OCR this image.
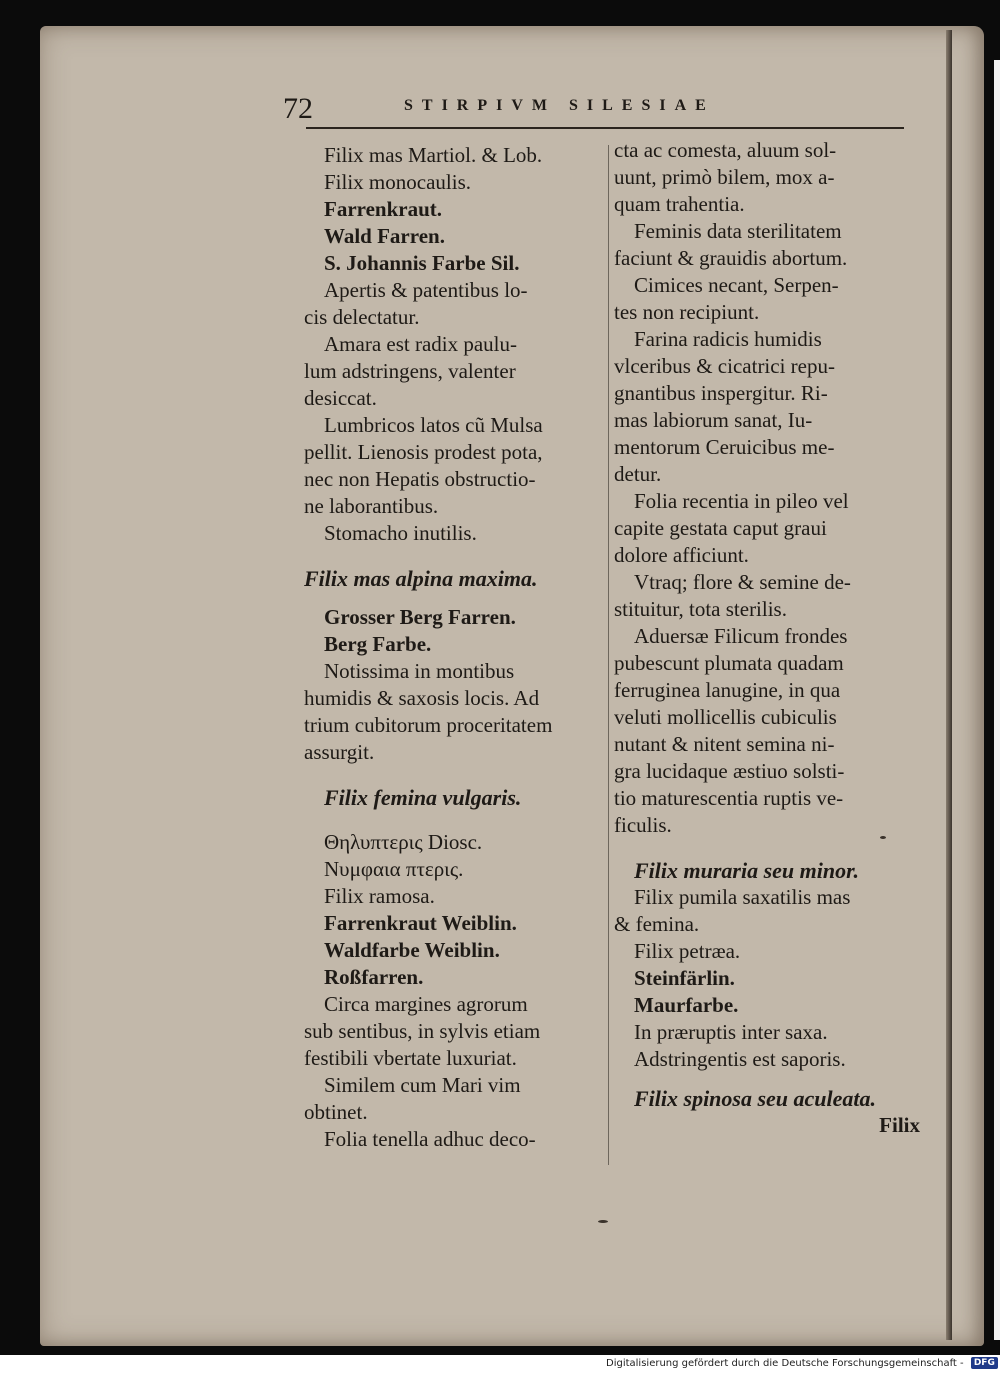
72	STIRPIVM SILESIAE
Filix mas Martiol. & Lob.
Filix monocaulis.
Farrenkraut.
Wald Farren.
S. Johannis Farbe Sil.
Apertis & patentibus lo-
cis delectatur.
Amara est radix paulu-
lum adstringens, valenter
desiccat.
Lumbricos latos cũ Mulsa
pellit. Lienosis prodest pota,
nec non Hepatis obstructio-
ne laborantibus.
Stomacho inutilis.
Filix mas alpina maxima.
Grosser Berg Farren.
Berg Farbe.
Notissima in montibus
humidis & saxosis locis. Ad
trium cubitorum proceritatem
assurgit.
Filix femina vulgaris.
Θηλυπτερις Diosc.
Νυμφαια πτερις.
Filix ramosa.
Farrenkraut Weiblin.
Waldfarbe Weiblin.
Roßfarren.
Circa margines agrorum
sub sentibus, in sylvis etiam
festibili vbertate luxuriat.
Similem cum Mari vim
obtinet.
Folia tenella adhuc deco-
cta ac comesta, aluum sol-
uunt, primò bilem, mox a-
quam trahentia.
Feminis data sterilitatem
faciunt & grauidis abortum.
Cimices necant, Serpen-
tes non recipiunt.
Farina radicis humidis
vlceribus & cicatrici repu-
gnantibus inspergitur. Ri-
mas labiorum sanat, Iu-
mentorum Ceruicibus me-
detur.
Folia recentia in pileo vel
capite gestata caput graui
dolore afficiunt.
Vtraq; flore & semine de-
stituitur, tota sterilis.
Aduersæ Filicum frondes
pubescunt plumata quadam
ferruginea lanugine, in qua
veluti mollicellis cubiculis
nutant & nitent semina ni-
gra lucidaque æstiuo solsti-
tio maturescentia ruptis ve-
ficulis.
Filix muraria seu minor.
Filix pumila saxatilis mas
& femina.
Filix petræa.
Steinfärlin.
Maurfarbe.
In præruptis inter saxa.
Adstringentis est saporis.
Filix spinosa seu aculeata.
Filix
Digitalisierung gefördert durch die Deutsche Forschungsgemeinschaft - DFG
